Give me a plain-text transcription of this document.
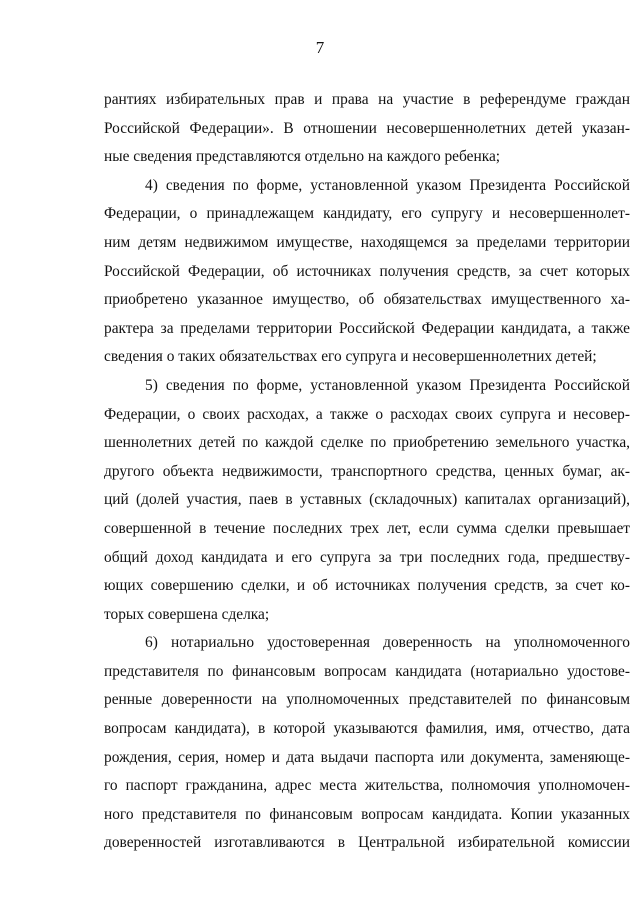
7
рантиях избирательных прав и права на участие в референдуме граждан
Российской Федерации». В отношении несовершеннолетних детей указан-
ные сведения представляются отдельно на каждого ребенка;
4) сведения по форме, установленной указом Президента Российской
Федерации, о принадлежащем кандидату, его супругу и несовершеннолет-
ним детям недвижимом имуществе, находящемся за пределами территории
Российской Федерации, об источниках получения средств, за счет которых
приобретено указанное имущество, об обязательствах имущественного ха-
рактера за пределами территории Российской Федерации кандидата, а также
сведения о таких обязательствах его супруга и несовершеннолетних детей;
5) сведения по форме, установленной указом Президента Российской
Федерации, о своих расходах, а также о расходах своих супруга и несовер-
шеннолетних детей по каждой сделке по приобретению земельного участка,
другого объекта недвижимости, транспортного средства, ценных бумаг, ак-
ций (долей участия, паев в уставных (складочных) капиталах организаций),
совершенной в течение последних трех лет, если сумма сделки превышает
общий доход кандидата и его супруга за три последних года, предшеству-
ющих совершению сделки, и об источниках получения средств, за счет ко-
торых совершена сделка;
6) нотариально удостоверенная доверенность на уполномоченного
представителя по финансовым вопросам кандидата (нотариально удостове-
ренные доверенности на уполномоченных представителей по финансовым
вопросам кандидата), в которой указываются фамилия, имя, отчество, дата
рождения, серия, номер и дата выдачи паспорта или документа, заменяюще-
го паспорт гражданина, адрес места жительства, полномочия уполномочен-
ного представителя по финансовым вопросам кандидата. Копии указанных
доверенностей изготавливаются в Центральной избирательной комиссии
